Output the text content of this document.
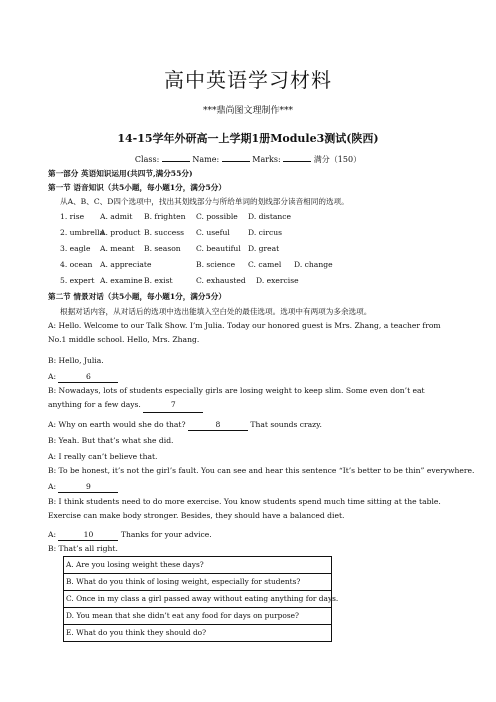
高中英语学习材料
***鼎尚图文理制作***
14-15学年外研高一上学期1册Module3测试(陕西)
Class:	Name:	Marks:	满分（150）
第一部分 英语知识运用(共四节,满分55分)
第一节 语音知识（共5小题，每小题1分，满分5分）
从A、B、C、D四个选项中，找出其划线部分与所给单词的划线部分读音相同的选项。
1. rise A. admit B. frighten C. possible D. distance
2. umbrellaA. product B. success C. useful D. circus
3. eagle A. meant B. season C. beautiful D. great
4. ocean A. appreciate	B. science C. camel D. change
5. expert A. examineB. exist	C. exhausted D. exercise
第二节 情景对话（共5小题，每小题1分，满分5分）
根据对话内容，从对话后的选项中选出能填入空白处的最佳选项。选项中有两项为多余选项。
A: Hello. Welcome to our Talk Show. I’m Julia. Today our honored guest is Mrs. Zhang, a teacher from No.1 middle school. Hello, Mrs. Zhang.
B: Hello, Julia.
A:	6
B: Nowadays, lots of students especially girls are losing weight to keep slim. Some even don’t eat anything for a few days.	7
A: Why on earth would she do that?	8	That sounds crazy.
B: Yeah. But that’s what she did.
A: I really can’t believe that.
B: To be honest, it’s not the girl’s fault. You can see and hear this sentence “It’s better to be thin” everywhere.
A:	9
B: I think students need to do more exercise. You know students spend much time sitting at the table. Exercise can make body stronger. Besides, they should have a balanced diet.
A:	10	Thanks for your advice.
B: That’s all right.
A. Are you losing weight these days?
B. What do you think of losing weight, especially for students?
C. Once in my class a girl passed away without eating anything for days.
D. You mean that she didn’t eat any food for days on purpose?
E. What do you think they should do?
